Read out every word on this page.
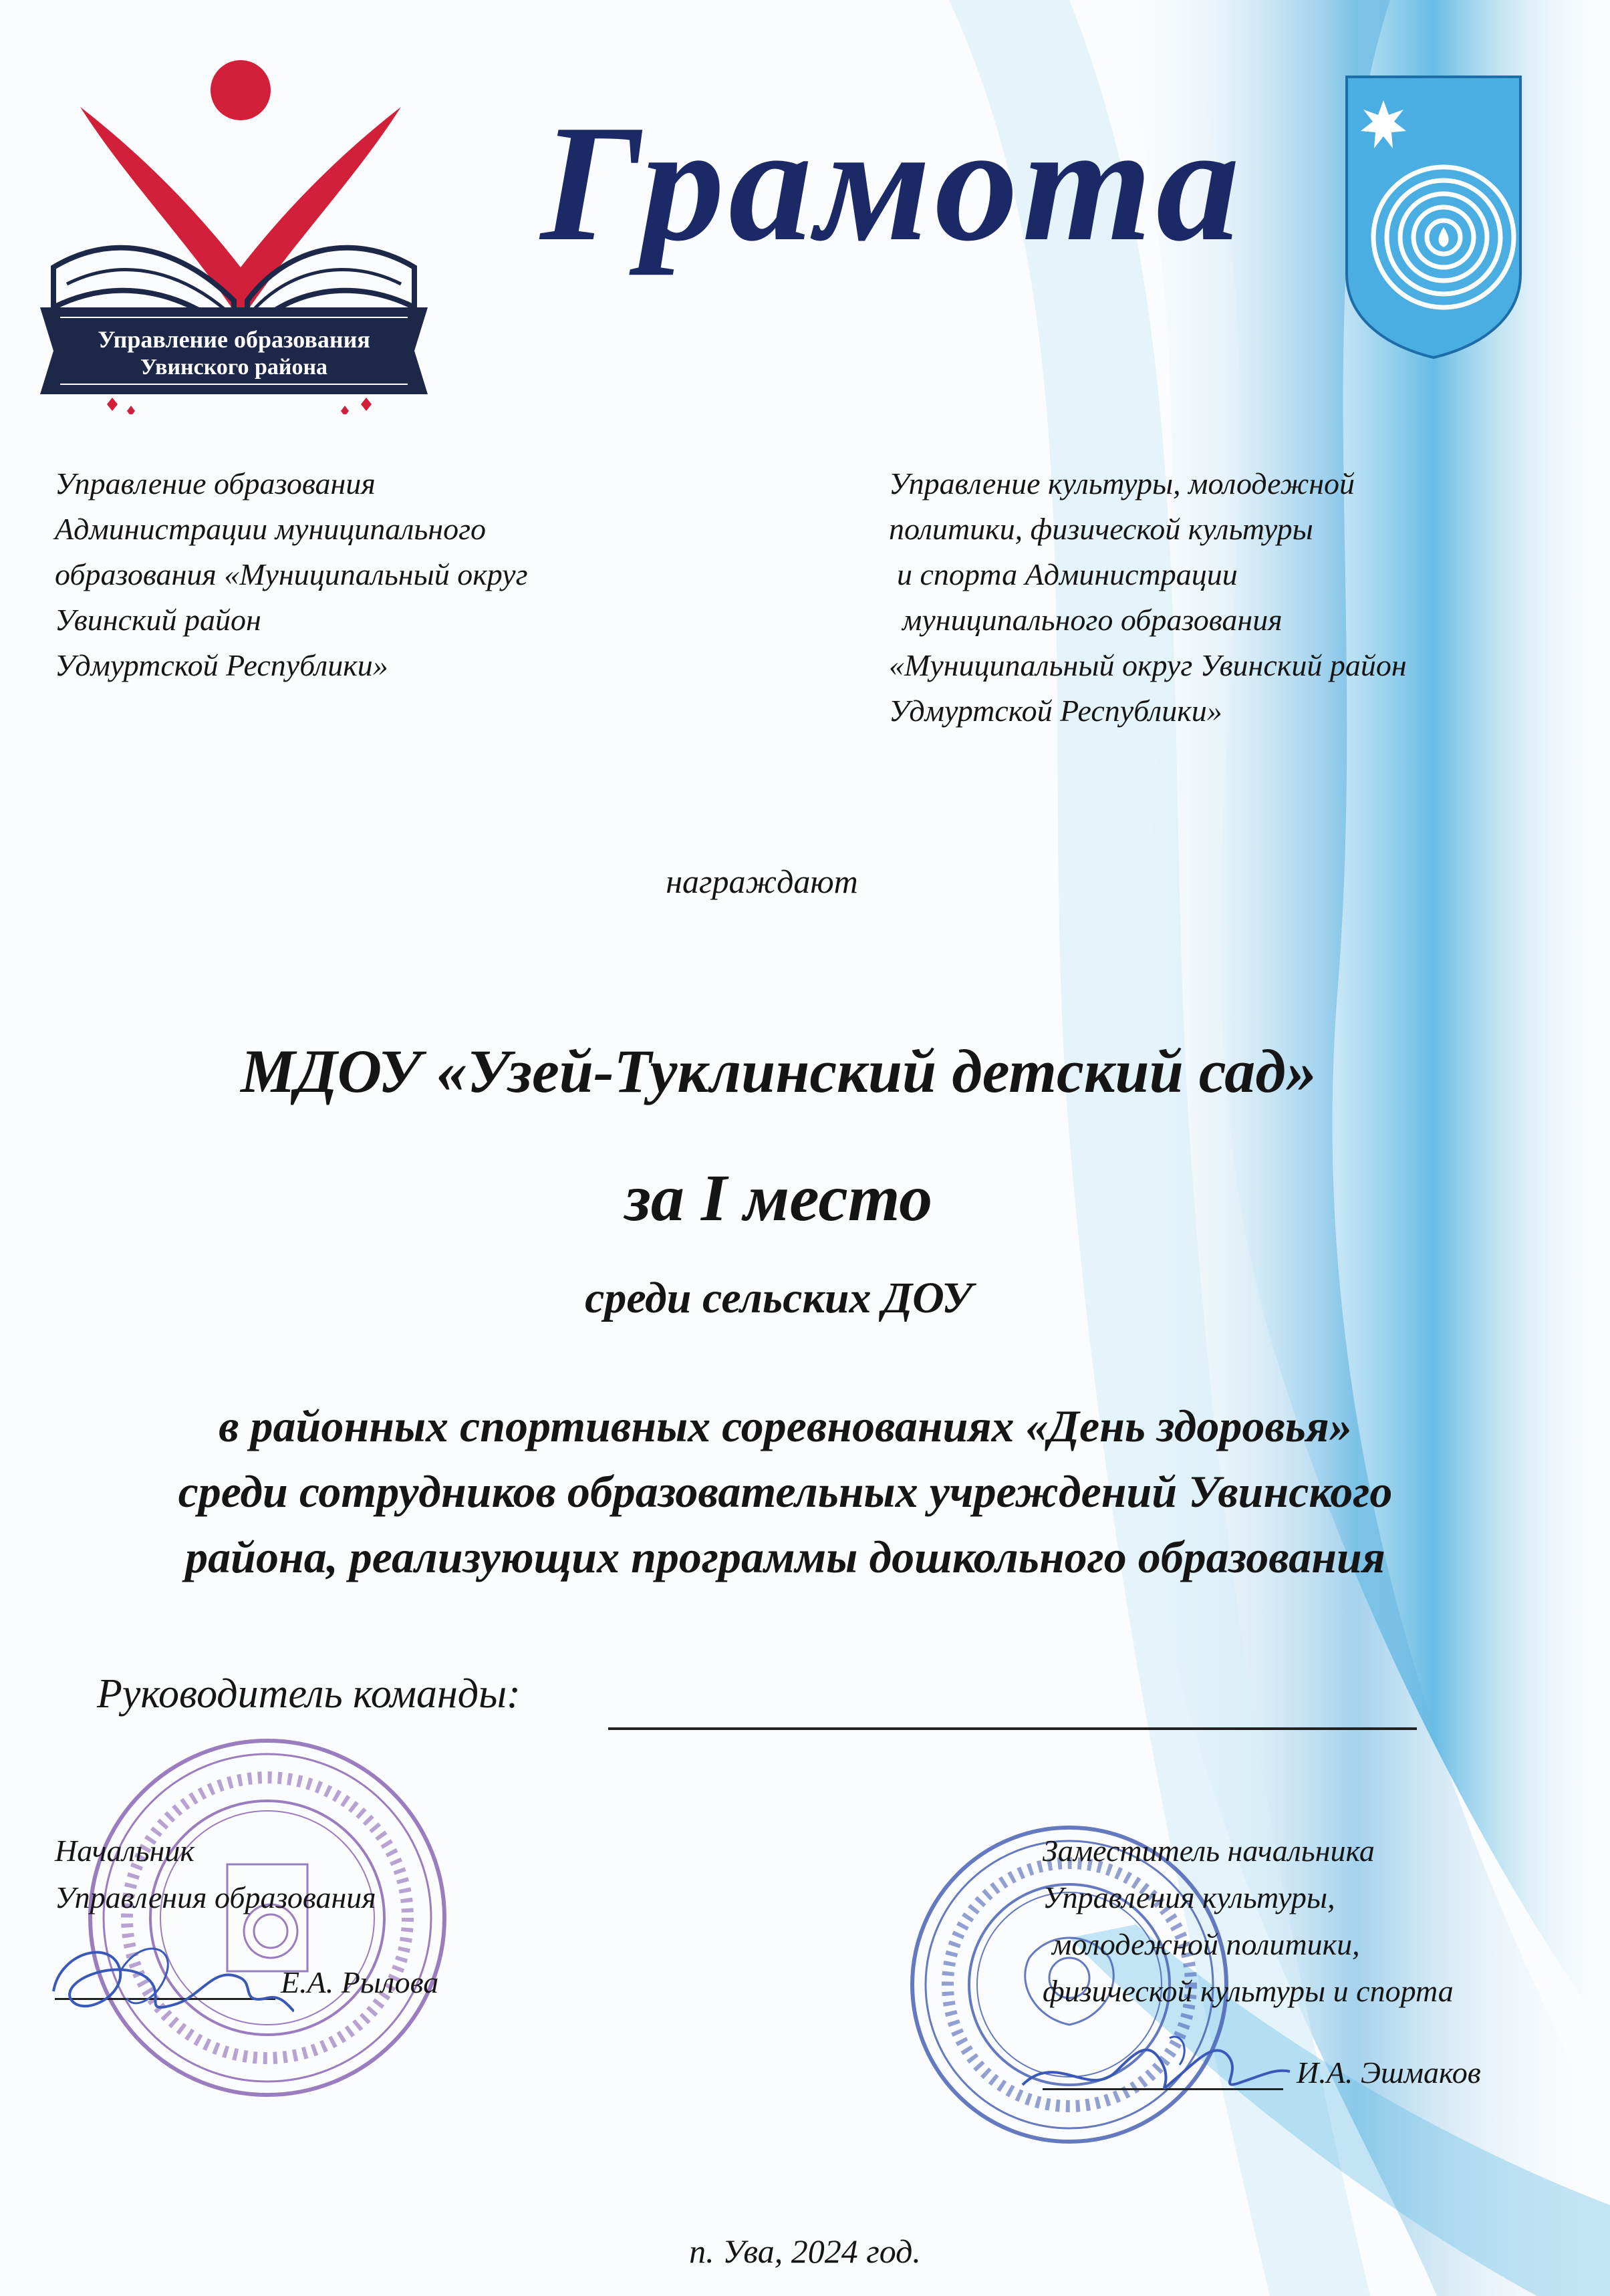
Управление образования
Увинского района
Грамота
Управление образования
Администрации муниципального
образования «Муниципальный округ
Увинский район
Удмуртской Республики»
Управление культуры, молодежной
политики, физической культуры
и спорта Администрации
муниципального образования
«Муниципальный округ Увинский район
Удмуртской Республики»
награждают
МДОУ «Узей-Туклинский детский сад»
за I место
среди сельских ДОУ
в районных спортивных соревнованиях «День здоровья»
среди сотрудников образовательных учреждений Увинского
района, реализующих программы дошкольного образования
Руководитель команды:
Начальник
Управления образования
Е.А. Рылова
Заместитель начальника
Управления культуры,
молодежной политики,
физической культуры и спорта
И.А. Эшмаков
п. Ува, 2024 год.
